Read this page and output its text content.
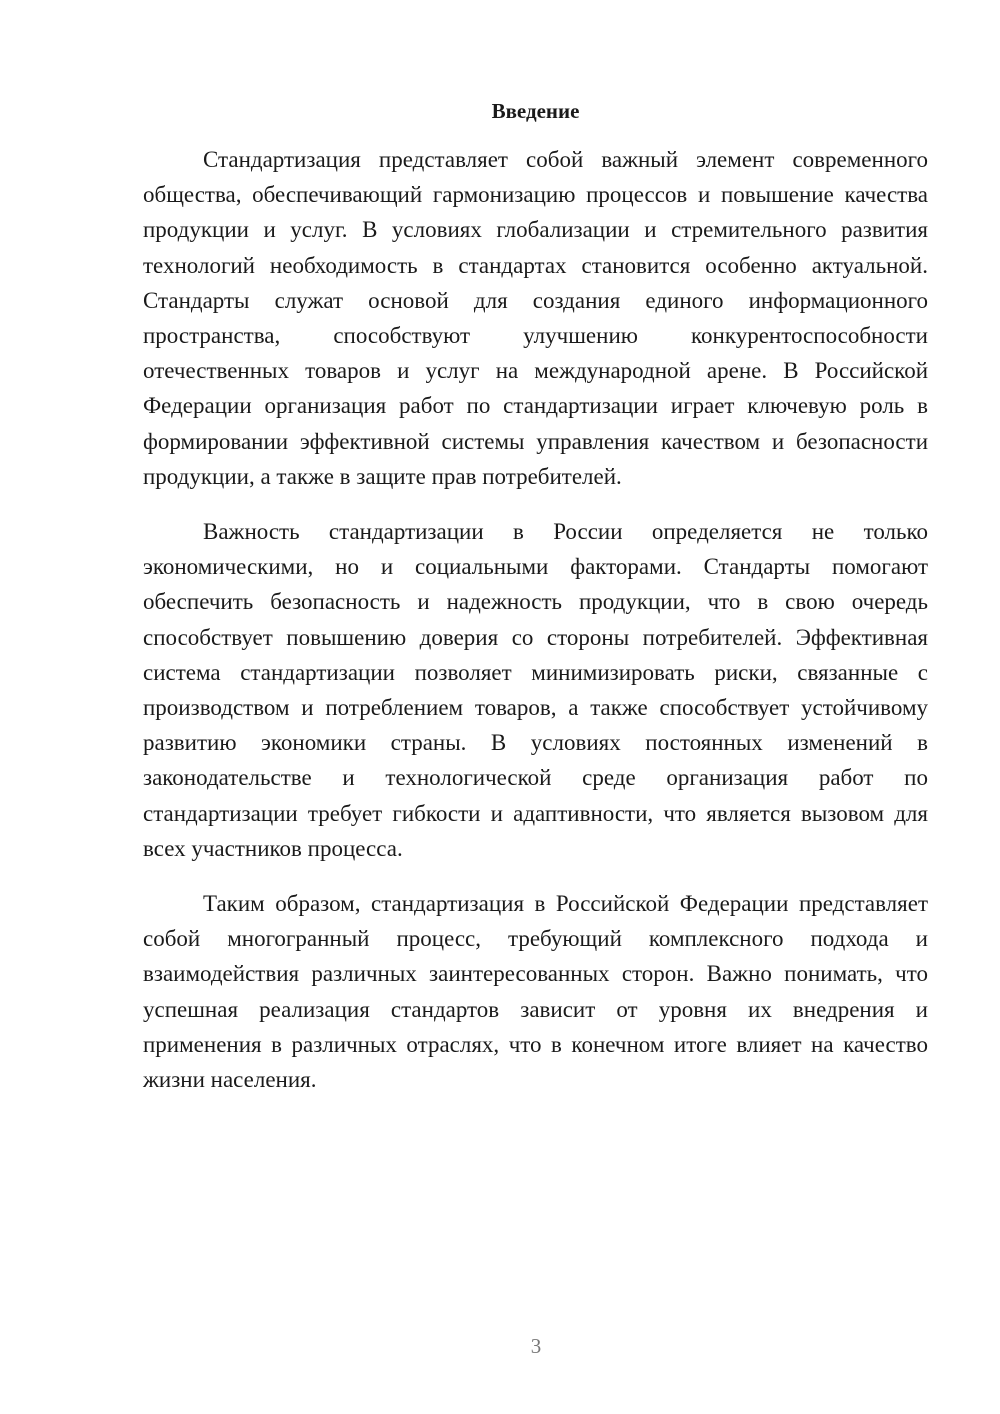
Введение

Стандартизация представляет собой важный элемент современного общества, обеспечивающий гармонизацию процессов и повышение качества продукции и услуг. В условиях глобализации и стремительного развития технологий необходимость в стандартах становится особенно актуальной. Стандарты служат основой для создания единого информационного пространства, способствуют улучшению конкурентоспособности отечественных товаров и услуг на международной арене. В Российской Федерации организация работ по стандартизации играет ключевую роль в формировании эффективной системы управления качеством и безопасности продукции, а также в защите прав потребителей.

Важность стандартизации в России определяется не только экономическими, но и социальными факторами. Стандарты помогают обеспечить безопасность и надежность продукции, что в свою очередь способствует повышению доверия со стороны потребителей. Эффективная система стандартизации позволяет минимизировать риски, связанные с производством и потреблением товаров, а также способствует устойчивому развитию экономики страны. В условиях постоянных изменений в законодательстве и технологической среде организация работ по стандартизации требует гибкости и адаптивности, что является вызовом для всех участников процесса.

Таким образом, стандартизация в Российской Федерации представляет собой многогранный процесс, требующий комплексного подхода и взаимодействия различных заинтересованных сторон. Важно понимать, что успешная реализация стандартов зависит от уровня их внедрения и применения в различных отраслях, что в конечном итоге влияет на качество жизни населения.

3
